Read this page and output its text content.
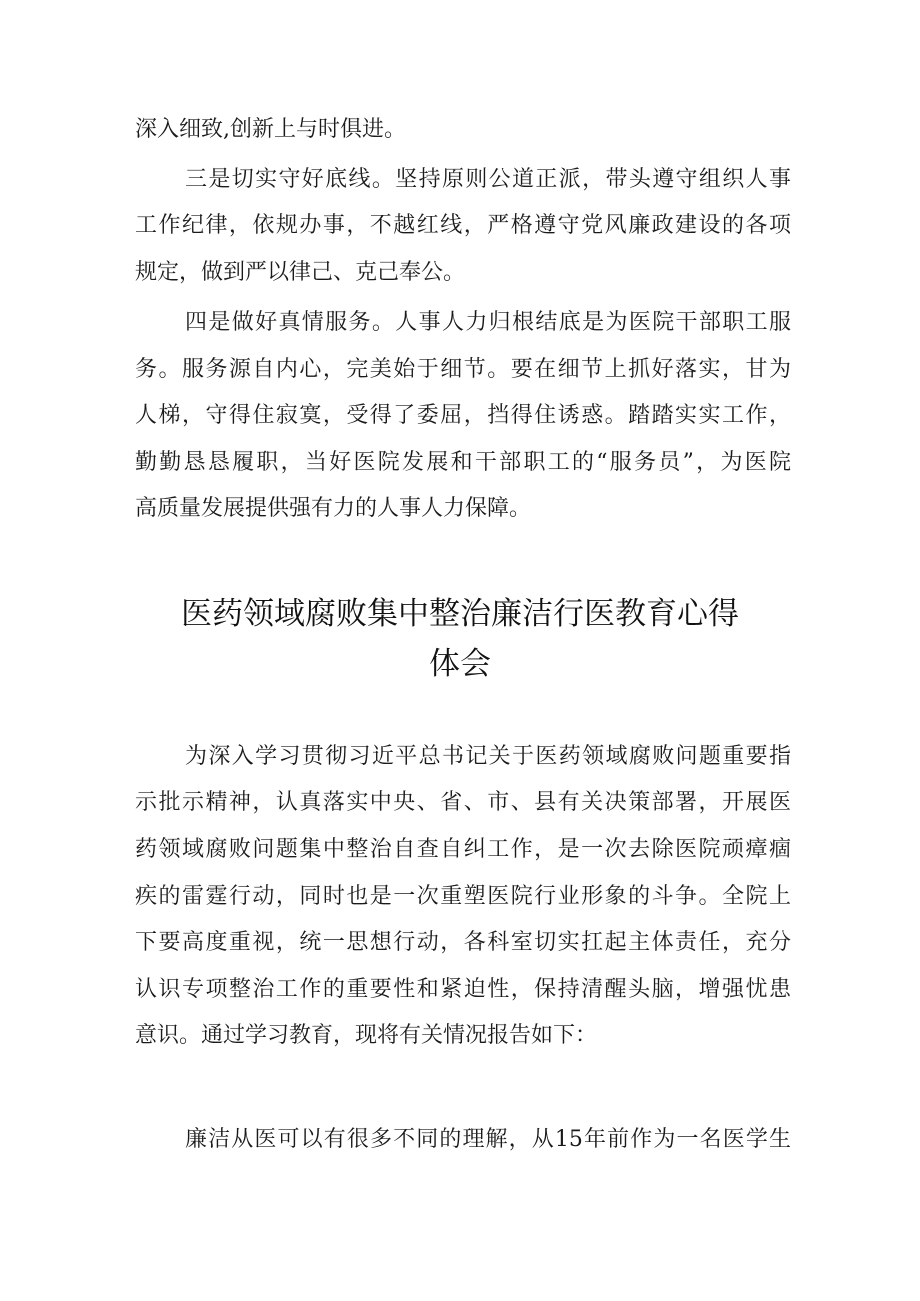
深入细致,创新上与时俱进。
三是切实守好底线。坚持原则公道正派，带头遵守组织人事
工作纪律，依规办事，不越红线，严格遵守党风廉政建设的各项
规定，做到严以律己、克己奉公。
四是做好真情服务。人事人力归根结底是为医院干部职工服
务。服务源自内心，完美始于细节。要在细节上抓好落实，甘为
人梯，守得住寂寞，受得了委屈，挡得住诱惑。踏踏实实工作，
勤勤恳恳履职，当好医院发展和干部职工的“服务员”，为医院
高质量发展提供强有力的人事人力保障。
医药领域腐败集中整治廉洁行医教育心得
体会
为深入学习贯彻习近平总书记关于医药领域腐败问题重要指
示批示精神，认真落实中央、省、市、县有关决策部署，开展医
药领域腐败问题集中整治自查自纠工作，是一次去除医院顽瘴痼
疾的雷霆行动，同时也是一次重塑医院行业形象的斗争。全院上
下要高度重视，统一思想行动，各科室切实扛起主体责任，充分
认识专项整治工作的重要性和紧迫性，保持清醒头脑，增强忧患
意识。通过学习教育，现将有关情况报告如下：
廉洁从医可以有很多不同的理解，从15年前作为一名医学生
